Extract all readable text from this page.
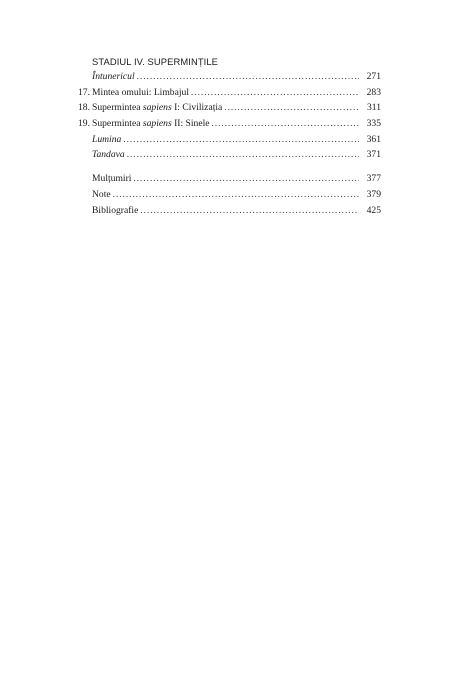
STADIUL IV. SUPERMINȚILE
Întunericul . . .	271
17. Mintea omului: Limbajul . . .	283
18. Supermintea sapiens I: Civilizația . . .	311
19. Supermintea sapiens II: Sinele . . .	335
Lumina . . .	361
Tandava . . .	371
Mulțumiri . . .	377
Note . . .	379
Bibliografie . . .	425
